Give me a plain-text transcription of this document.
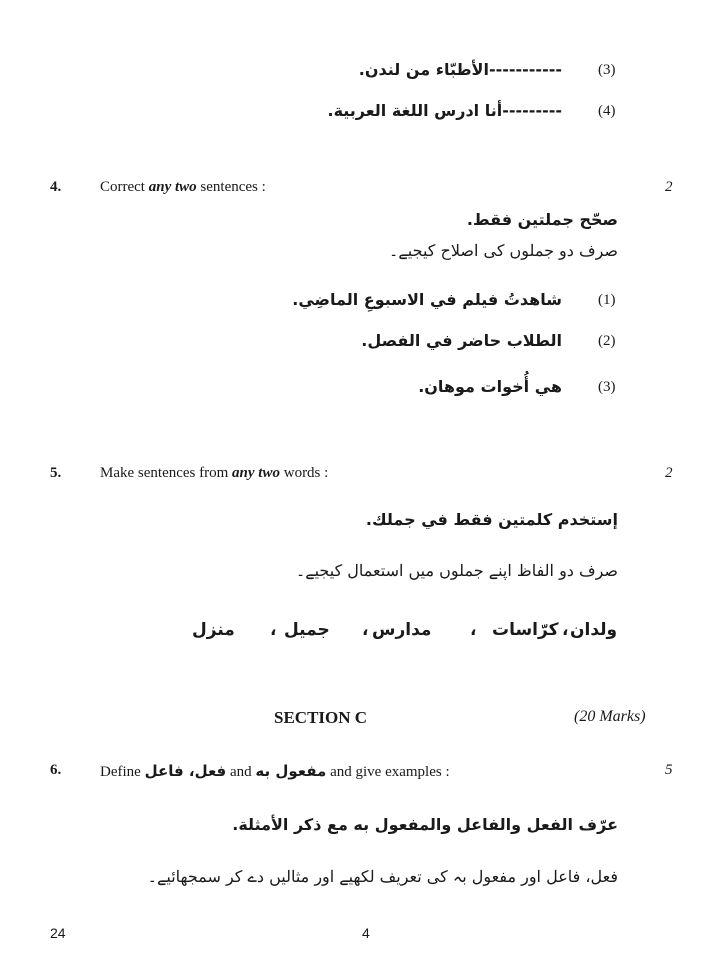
-----------الأطبّاء من لندن. (3)
---------أنا ادرس اللغة العربية. (4)
4.	Correct any two sentences :	2
صحّح جملتين فقط.
صرف دو جملوں کی اصلاح کیجیے۔
شاهدتُ فيلم في الاسبوعِ الماضِي. (1)
الطلاب حاضر في الفصل. (2)
هي أُخوات موهان. (3)
5.	Make sentences from any two words :	2
إستخدم كلمتين فقط في جملك.
صرف دو الفاظ اپنے جملوں میں استعمال کیجیے۔
ولدان
،
كرّاسات
،
مدارس
،
جميل
،
منزل
SECTION C	(20 Marks)
6.	Define فعل، فاعل and مفعول به and give examples :	5
عرّف الفعل والفاعل والمفعول به مع ذكر الأمثلة.
فعل، فاعل اور مفعول بہ کی تعریف لکھیے اور مثالیں دے کر سمجھائیے۔
24	4
